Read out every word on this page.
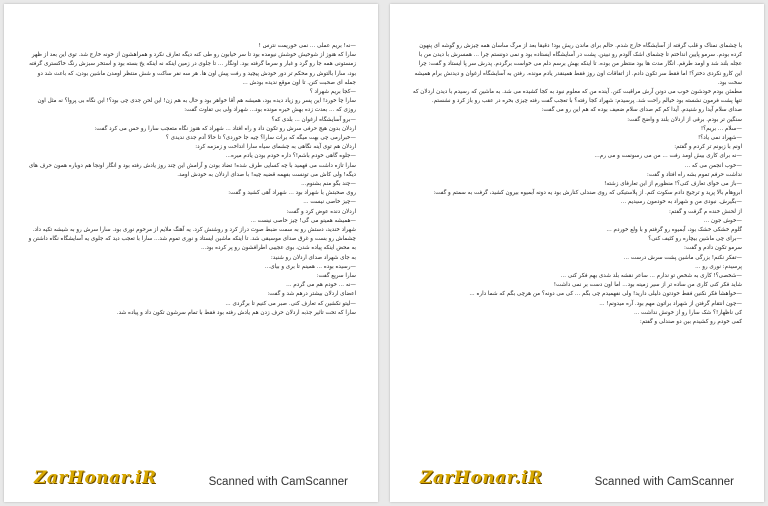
—نه! بریم عملی ... نمی خوریمت نترس !

سارا که هنوز از شوخیش خوشش نیومده بود تا سر خیابون رو طی کنه دیگه تعارف نکرد و همراهشون از خونه خارج شد. توی این بعد از ظهر زمستونی همه جا رو گرد و غبار و سرما گرفته بود. اونگار ... تا جلوی در زمین اینکه نه اینکه یخ بسته بود و استخر سبزش رنگ خاکستری گرفته بود، سارا بالتوش رو محکم تر دور خودش پیچید و رفت پیش اون ها. هر سه نفر ساکت و شش منتظر اومدن ماشین بودن، که باعث شد دو جمله ای صحبت کنن. تا اون موقع ندیده بودش ...

—کجا بریم شهراد ؟

سارا چا خورد! این پسر رو زیاد دیده بود، همیشه هم آقا خواهر بود و حال به هم زن! این لحن جدی چی بود؟! این نگاه بی پروا؟ نه مثل اون روزی که ... بعدت زده بهش خیره مونده بود... شهراد ولی بی تفاوت گفت:

—برو آسایشگاه ارغوان ... بلدی که؟

اردلان بدون هیچ حرفی سرش رو تکون داد و راه افتاد ... شهراد که هنوز نگاه متعجب سارا رو حس می کرد گفت:

—خبرارمی چی بهت میگه که برات سارا؟ چیه جا خوردی؟ تا حالا آدم جدی ندیدی ؟

اردلان هم توی آینه نگاهی به چشمای سیاه سارا انداخت و زمزمه کرد:

—جلوه گاهی خودم باشم!؟ داره خودم بودن یادم میره...

سارا تازه داشت می فهمید با چه کسایی طرف شده! تضاد بودن و آرامش این چند روز یادش رفته بود و انگار اونجا هم دوباره همون حرف های دیگه! ولی کاش می تونست بفهمه قضیه چیه! با صدای اردلان به خودش اومد.

—چند بگو منم بشنوم...

روی صحبتش با شهراد بود ... شهراد آهی کشید و گفت:

—چیز خاصی نیست ...

اردلان دنده عوض کرد و گفت:

—همیشه همینو می گی! چیز خاصی نیست ...

شهراد خندید، دستش رو به سمت ضبط صوت دراز کرد و روشنش کرد. یه آهنگ ملایم از مرحوم نوری بود. سارا سرش رو به شیشه تکیه داد. چشماش رو بست و غرق صدای موسیقی شد. تا اینکه ماشین ایستاد و نوری تموم شد... سارا با تعجب دید که جلوی یه آسایشگاه نگاه داشتن و به محض اینکه پیاده شدن، بوی عجیبی اطرافشون رو پر کرده بود...

به جای شهراد صدای اردلان رو شنید:

—رسیده بوده ... همینم تا بری و بیای...

سارا سریع گفت:

—نه ... خودم هم می گردم ...

اعضای اردلان بیشتر درهم شد و گفت:

—لیتو نکشین که تعارف کنی. صبر می کنیم تا برگردی ...

سارا که تحت تاثیر جذبه اردلان حرف زدن هم یادش رفته بود فقط با تمام سرشون تکون داد و پیاده شد.

ZarHonar.iR	Scanned with CamScanner

با چشمای نمناک و قلب گرفته از آسایشگاه خارج شدم. حالم برای ماندن ریش بود! دقیقا بعد از مرگ ساسان همه چیزش رو گوشه ای پنهون کرده بودم. سرمو پایین انداختم تا چشمای اشک آلودم رو نبینن. پشت در آسایشگاه ایستاده بود و نمی دونستم چرا ... همسرش با دیدن من با عجله بلند شد و اومد طرفم. انگار مدت ها بود منتظر من بوده. تا اینکه بهش برسم دلم می خواست برگردم. پدرش سر پا ایستاد و گفت: چرا این کارو نکردی دختر؟! اما فقط سر تکون دادم. از اتفاقات اون روز فقط همینقدر یادم مونده. رفتن به آسایشگاه ارغوان و دیدنش برام همیشه سخت بود.

مطمئن بودم خودشون خوب می دونن آرش مراقبت کنن. آینده من که معلوم نبود به کجا کشیده می شد. به ماشین که رسیدم با دیدن اردلان که تنها پشت فرمون نشسته بود خیالم راحت شد. پرسیدم: شهراد کجا رفته؟ با تعجب گفت رفته چیزی بخره در عقب رو باز کرد و نشستم.

صدای سلام آیدا رو شنیدم. آیدا کم کم صدای سلام ضعیف بوده که هم این رو می گفت:

سنگین تر بودم. برقی از اردلان بلند و واضح گفت:

—سلام ... بریم؟!

—شهراد نمی یاد؟!

اونم با زبونم تر کردم و گفتم:

—نه برای کاری بیش اومد رفت ... من می رسونمت و می رم...

—خوب انجمن می که ...

نداشت حرفم تموم بشه راه افتاد و گفت:

—باز می خوای تعارف کنی؟! منظورم از این تعارفای زشته!

ابروهام بالا پرید و ترجیح دادم سکوت کنم. از پلاستیکی که روی صندلی کنارش بود یه دونه آبمیوه بیرون کشید، گرفت به سمتم و گفت:

—بگیرش. نبودی من و شهراد به خودمون رسیدیم ...

از لحنش خنده م گرفت و گفتم:

—خوش جون ...

گلوم خشکی خشک بود، آبمیوه رو گرفتم و با ولع خوردم ...

—برای چی ماشین بیچاره رو کثیف کنی؟

سرمو تکون دادم و گفت:

—تفکر نکنم! بزرگی ماشین پشت سرش درست ...

پرسیدم: نوری رو ...

—شخصی؟! کاری به شخص تو ندارم ... ساعر نقشه بلد شدی بهم فکر کنی ...

شاید فکر کنی کاری من ساده تر از سیر زمینه بود... اما اون دست بر نمی داشت!

—خواهشا فکر نکنین فقط خودتون دلیلی دارید! ولی نفهمیدم چی بگم ... کی می دونه؟ من هرچی بگم که شما داره ...

—چون انتقام گرفتن از شهراد براتون مهم بود. آره میدونم! ...

کی ناظهار!؟ شک سارا رو از خونش نداشت ...

کمی خودم رو کشیدم بین دو صندلی و گفتم:

ZarHonar.iR	Scanned with CamScanner
